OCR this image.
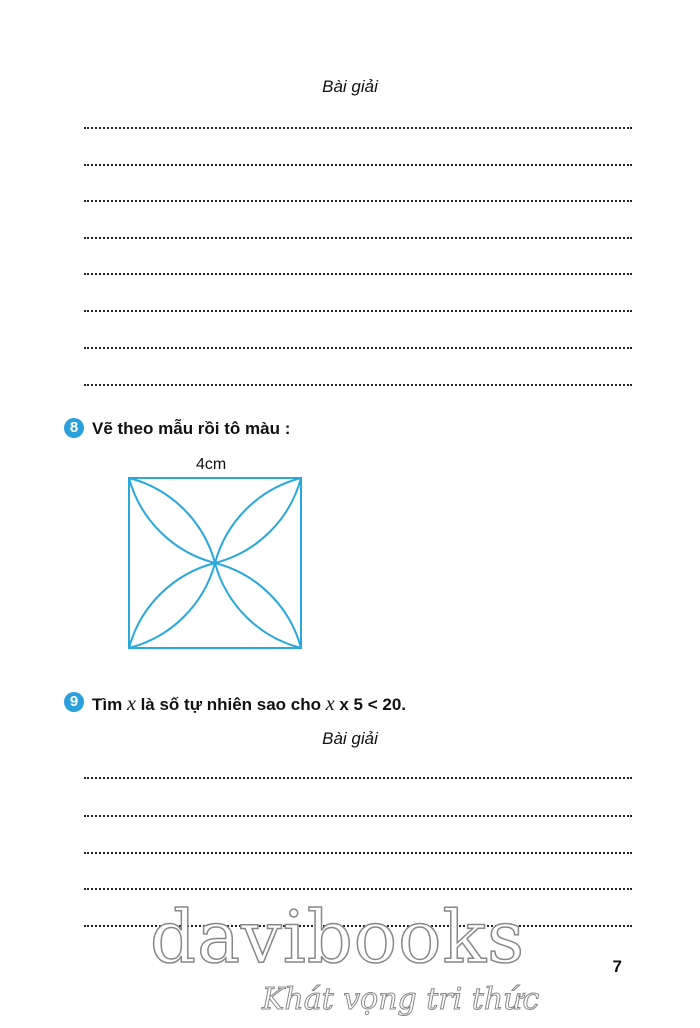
Bài giải
8 Vẽ theo mẫu rồi tô màu :
4cm
9 Tìm x là số tự nhiên sao cho x x 5 < 20.
Bài giải
davibooks
Khát vọng tri thức
7
